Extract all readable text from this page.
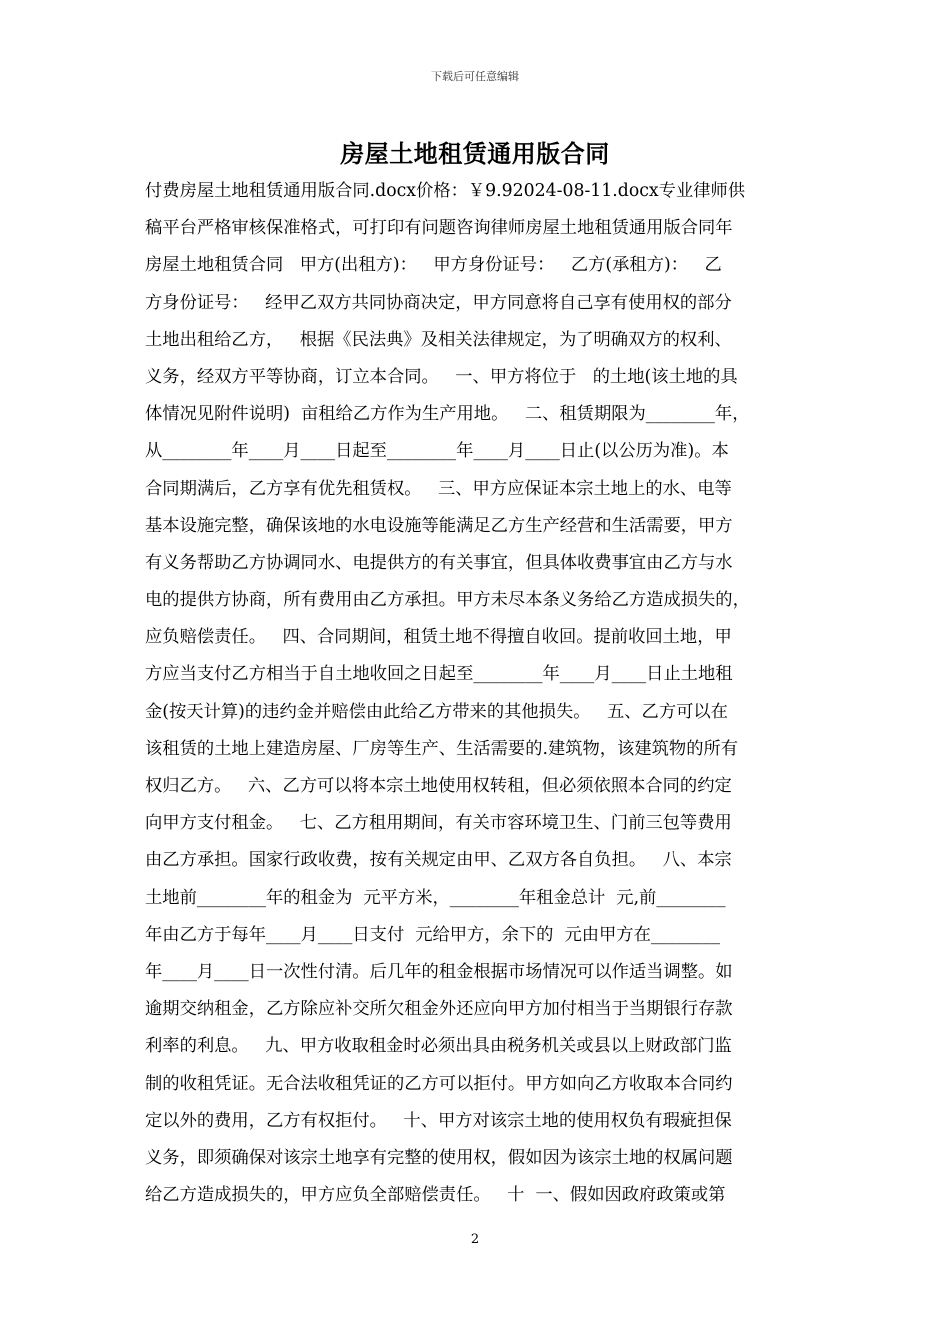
下载后可任意编辑
房屋土地租赁通用版合同
付费房屋土地租赁通用版合同.docx价格：￥9.92024-08-11.docx专业律师供
稿平台严格审核保准格式，可打印有问题咨询律师房屋土地租赁通用版合同年
房屋土地租赁合同   甲方(出租方)：   甲方身份证号：   乙方(承租方)：   乙
方身份证号：   经甲乙双方共同协商决定，甲方同意将自己享有使用权的部分
土地出租给乙方，   根据《民法典》及相关法律规定，为了明确双方的权利、
义务，经双方平等协商，订立本合同。   一、甲方将位于   的土地(该土地的具
体情况见附件说明)  亩租给乙方作为生产用地。   二、租赁期限为________年，
从________年____月____日起至________年____月____日止(以公历为准)。本
合同期满后，乙方享有优先租赁权。   三、甲方应保证本宗土地上的水、电等
基本设施完整，确保该地的水电设施等能满足乙方生产经营和生活需要，甲方
有义务帮助乙方协调同水、电提供方的有关事宜，但具体收费事宜由乙方与水
电的提供方协商，所有费用由乙方承担。甲方未尽本条义务给乙方造成损失的，
应负赔偿责任。   四、合同期间，租赁土地不得擅自收回。提前收回土地，甲
方应当支付乙方相当于自土地收回之日起至________年____月____日止土地租
金(按天计算)的违约金并赔偿由此给乙方带来的其他损失。   五、乙方可以在
该租赁的土地上建造房屋、厂房等生产、生活需要的.建筑物，该建筑物的所有
权归乙方。   六、乙方可以将本宗土地使用权转租，但必须依照本合同的约定
向甲方支付租金。   七、乙方租用期间，有关市容环境卫生、门前三包等费用
由乙方承担。国家行政收费，按有关规定由甲、乙双方各自负担。   八、本宗
土地前________年的租金为  元平方米，________年租金总计  元,前________
年由乙方于每年____月____日支付  元给甲方，余下的  元由甲方在________
年____月____日一次性付清。后几年的租金根据市场情况可以作适当调整。如
逾期交纳租金，乙方除应补交所欠租金外还应向甲方加付相当于当期银行存款
利率的利息。   九、甲方收取租金时必须出具由税务机关或县以上财政部门监
制的收租凭证。无合法收租凭证的乙方可以拒付。甲方如向乙方收取本合同约
定以外的费用，乙方有权拒付。   十、甲方对该宗土地的使用权负有瑕疵担保
义务，即须确保对该宗土地享有完整的使用权，假如因为该宗土地的权属问题
给乙方造成损失的，甲方应负全部赔偿责任。   十  一、假如因政府政策或第
2
